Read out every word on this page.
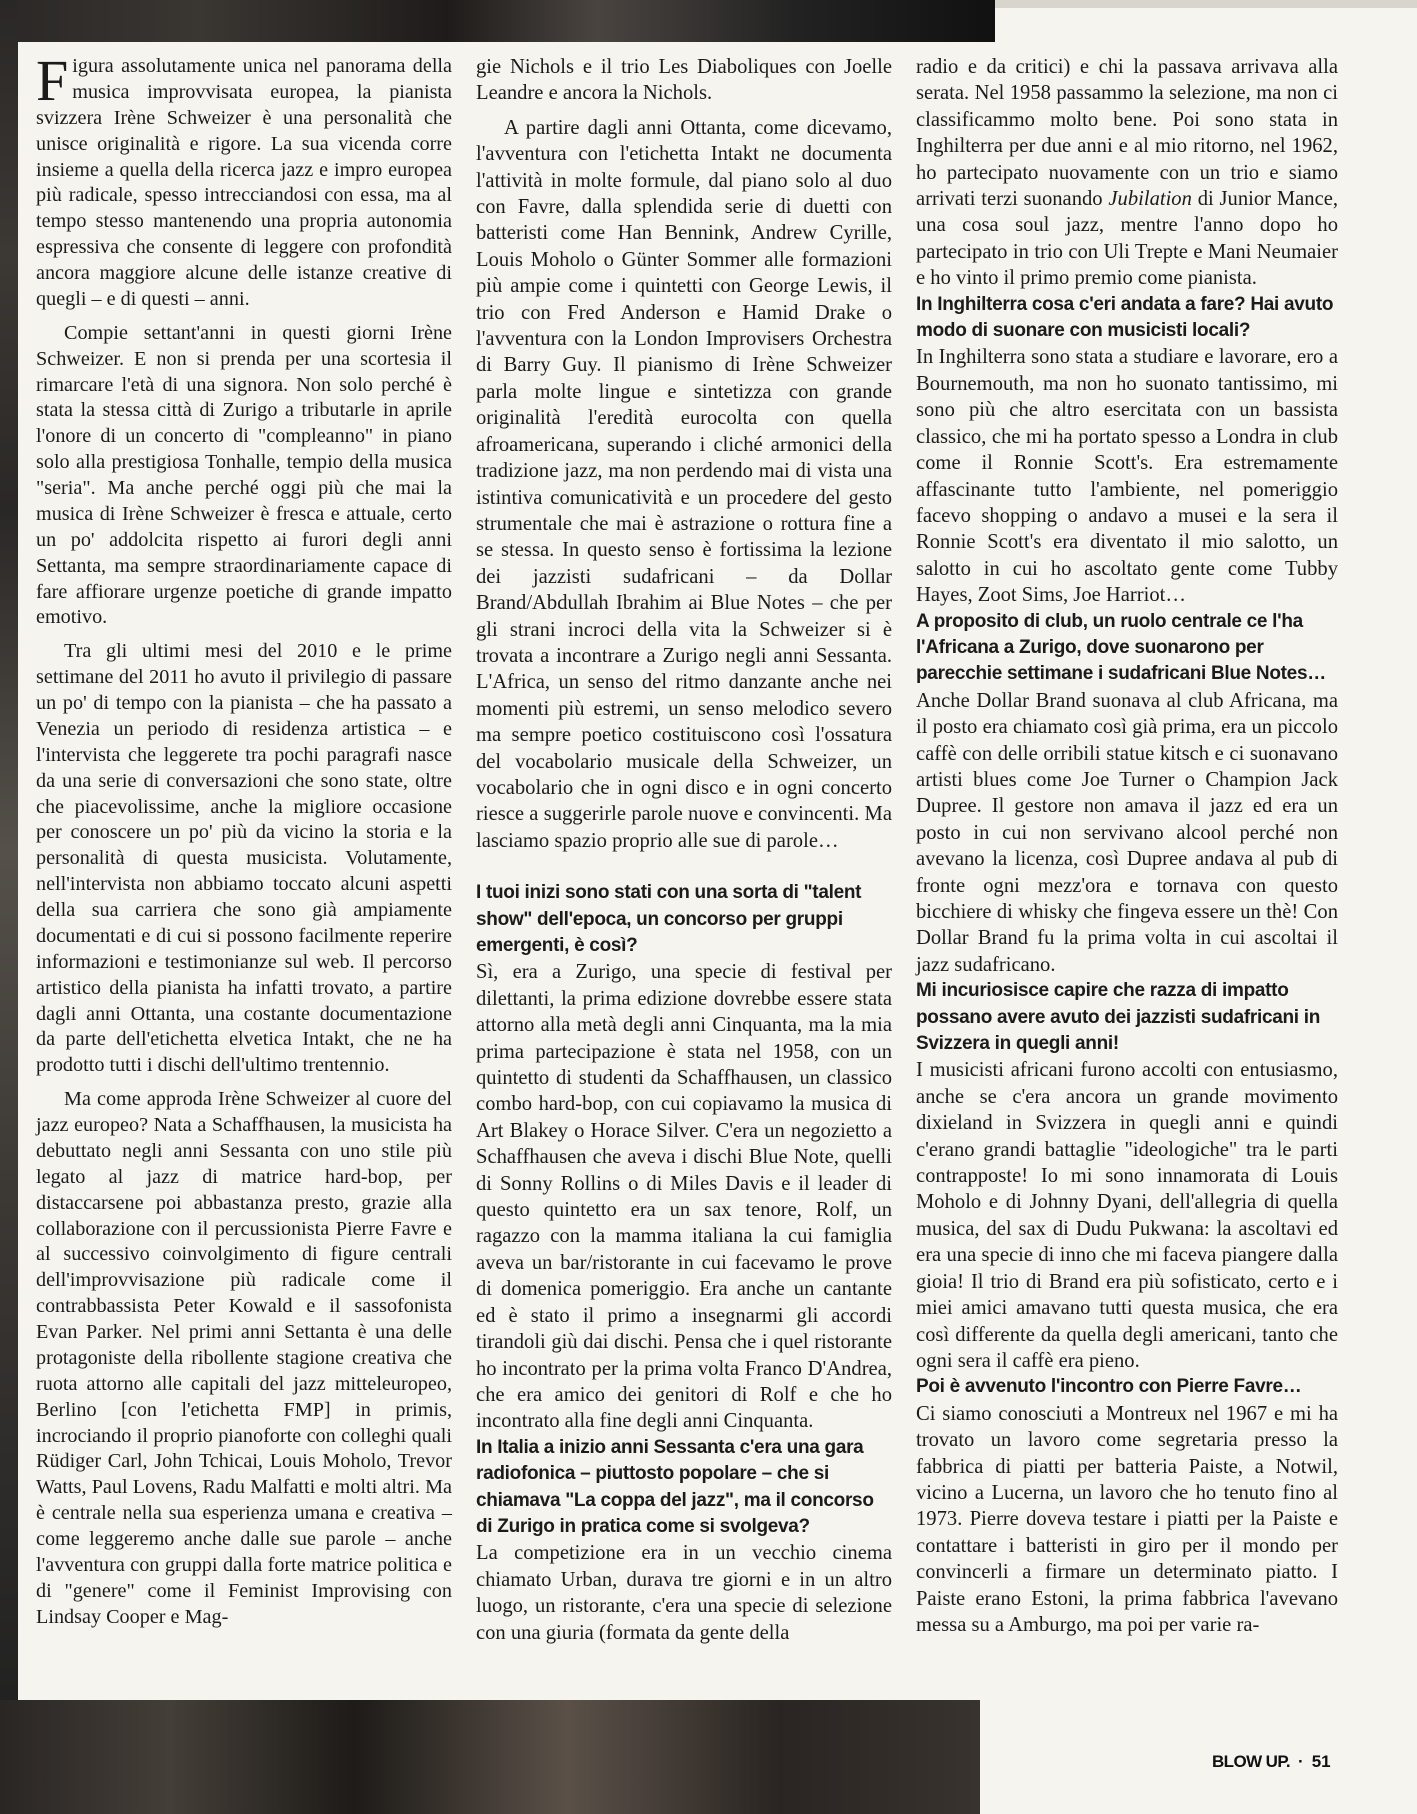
Figura assolutamente unica nel panorama della musica improvvisata europea, la pianista svizzera Irène Schweizer è una personalità che unisce originalità e rigore. La sua vicenda corre insieme a quella della ricerca jazz e impro europea più radicale, spesso intrecciandosi con essa, ma al tempo stesso mantenendo una propria autonomia espressiva che consente di leggere con profondità ancora maggiore alcune delle istanze creative di quegli – e di questi – anni.

Compie settant'anni in questi giorni Irène Schweizer. E non si prenda per una scortesia il rimarcare l'età di una signora. Non solo perché è stata la stessa città di Zurigo a tributarle in aprile l'onore di un concerto di "compleanno" in piano solo alla prestigiosa Tonhalle, tempio della musica "seria". Ma anche perché oggi più che mai la musica di Irène Schweizer è fresca e attuale, certo un po' addolcita rispetto ai furori degli anni Settanta, ma sempre straordinariamente capace di fare affiorare urgenze poetiche di grande impatto emotivo.

Tra gli ultimi mesi del 2010 e le prime settimane del 2011 ho avuto il privilegio di passare un po' di tempo con la pianista – che ha passato a Venezia un periodo di residenza artistica – e l'intervista che leggerete tra pochi paragrafi nasce da una serie di conversazioni che sono state, oltre che piacevolissime, anche la migliore occasione per conoscere un po' più da vicino la storia e la personalità di questa musicista. Volutamente, nell'intervista non abbiamo toccato alcuni aspetti della sua carriera che sono già ampiamente documentati e di cui si possono facilmente reperire informazioni e testimonianze sul web. Il percorso artistico della pianista ha infatti trovato, a partire dagli anni Ottanta, una costante documentazione da parte dell'etichetta elvetica Intakt, che ne ha prodotto tutti i dischi dell'ultimo trentennio.

Ma come approda Irène Schweizer al cuore del jazz europeo? Nata a Schaffhausen, la musicista ha debuttato negli anni Sessanta con uno stile più legato al jazz di matrice hard-bop, per distaccarsene poi abbastanza presto, grazie alla collaborazione con il percussionista Pierre Favre e al successivo coinvolgimento di figure centrali dell'improvvisazione più radicale come il contrabbassista Peter Kowald e il sassofonista Evan Parker. Nel primi anni Settanta è una delle protagoniste della ribollente stagione creativa che ruota attorno alle capitali del jazz mitteleuropeo, Berlino [con l'etichetta FMP] in primis, incrociando il proprio pianoforte con colleghi quali Rüdiger Carl, John Tchicai, Louis Moholo, Trevor Watts, Paul Lovens, Radu Malfatti e molti altri. Ma è centrale nella sua esperienza umana e creativa – come leggeremo anche dalle sue parole – anche l'avventura con gruppi dalla forte matrice politica e di "genere" come il Feminist Improvising con Lindsay Cooper e Mag-

gie Nichols e il trio Les Diaboliques con Joelle Leandre e ancora la Nichols.

A partire dagli anni Ottanta, come dicevamo, l'avventura con l'etichetta Intakt ne documenta l'attività in molte formule, dal piano solo al duo con Favre, dalla splendida serie di duetti con batteristi come Han Bennink, Andrew Cyrille, Louis Moholo o Günter Sommer alle formazioni più ampie come i quintetti con George Lewis, il trio con Fred Anderson e Hamid Drake o l'avventura con la London Improvisers Orchestra di Barry Guy. Il pianismo di Irène Schweizer parla molte lingue e sintetizza con grande originalità l'eredità eurocolta con quella afroamericana, superando i cliché armonici della tradizione jazz, ma non perdendo mai di vista una istintiva comunicatività e un procedere del gesto strumentale che mai è astrazione o rottura fine a se stessa. In questo senso è fortissima la lezione dei jazzisti sudafricani – da Dollar Brand/Abdullah Ibrahim ai Blue Notes – che per gli strani incroci della vita la Schweizer si è trovata a incontrare a Zurigo negli anni Sessanta. L'Africa, un senso del ritmo danzante anche nei momenti più estremi, un senso melodico severo ma sempre poetico costituiscono così l'ossatura del vocabolario musicale della Schweizer, un vocabolario che in ogni disco e in ogni concerto riesce a suggerirle parole nuove e convincenti. Ma lasciamo spazio proprio alle sue di parole…

I tuoi inizi sono stati con una sorta di "talent show" dell'epoca, un concorso per gruppi emergenti, è così?

Sì, era a Zurigo, una specie di festival per dilettanti, la prima edizione dovrebbe essere stata attorno alla metà degli anni Cinquanta, ma la mia prima partecipazione è stata nel 1958, con un quintetto di studenti da Schaffhausen, un classico combo hard-bop, con cui copiavamo la musica di Art Blakey o Horace Silver. C'era un negozietto a Schaffhausen che aveva i dischi Blue Note, quelli di Sonny Rollins o di Miles Davis e il leader di questo quintetto era un sax tenore, Rolf, un ragazzo con la mamma italiana la cui famiglia aveva un bar/ristorante in cui facevamo le prove di domenica pomeriggio. Era anche un cantante ed è stato il primo a insegnarmi gli accordi tirandoli giù dai dischi. Pensa che i quel ristorante ho incontrato per la prima volta Franco D'Andrea, che era amico dei genitori di Rolf e che ho incontrato alla fine degli anni Cinquanta.

In Italia a inizio anni Sessanta c'era una gara radiofonica – piuttosto popolare – che si chiamava "La coppa del jazz", ma il concorso di Zurigo in pratica come si svolgeva?

La competizione era in un vecchio cinema chiamato Urban, durava tre giorni e in un altro luogo, un ristorante, c'era una specie di selezione con una giuria (formata da gente della

radio e da critici) e chi la passava arrivava alla serata. Nel 1958 passammo la selezione, ma non ci classificammo molto bene. Poi sono stata in Inghilterra per due anni e al mio ritorno, nel 1962, ho partecipato nuovamente con un trio e siamo arrivati terzi suonando Jubilation di Junior Mance, una cosa soul jazz, mentre l'anno dopo ho partecipato in trio con Uli Trepte e Mani Neumaier e ho vinto il primo premio come pianista.

In Inghilterra cosa c'eri andata a fare? Hai avuto modo di suonare con musicisti locali?

In Inghilterra sono stata a studiare e lavorare, ero a Bournemouth, ma non ho suonato tantissimo, mi sono più che altro esercitata con un bassista classico, che mi ha portato spesso a Londra in club come il Ronnie Scott's. Era estremamente affascinante tutto l'ambiente, nel pomeriggio facevo shopping o andavo a musei e la sera il Ronnie Scott's era diventato il mio salotto, un salotto in cui ho ascoltato gente come Tubby Hayes, Zoot Sims, Joe Harriot…

A proposito di club, un ruolo centrale ce l'ha l'Africana a Zurigo, dove suonarono per parecchie settimane i sudafricani Blue Notes…

Anche Dollar Brand suonava al club Africana, ma il posto era chiamato così già prima, era un piccolo caffè con delle orribili statue kitsch e ci suonavano artisti blues come Joe Turner o Champion Jack Dupree. Il gestore non amava il jazz ed era un posto in cui non servivano alcool perché non avevano la licenza, così Dupree andava al pub di fronte ogni mezz'ora e tornava con questo bicchiere di whisky che fingeva essere un thè! Con Dollar Brand fu la prima volta in cui ascoltai il jazz sudafricano.

Mi incuriosisce capire che razza di impatto possano avere avuto dei jazzisti sudafricani in Svizzera in quegli anni!

I musicisti africani furono accolti con entusiasmo, anche se c'era ancora un grande movimento dixieland in Svizzera in quegli anni e quindi c'erano grandi battaglie "ideologiche" tra le parti contrapposte! Io mi sono innamorata di Louis Moholo e di Johnny Dyani, dell'allegria di quella musica, del sax di Dudu Pukwana: la ascoltavi ed era una specie di inno che mi faceva piangere dalla gioia! Il trio di Brand era più sofisticato, certo e i miei amici amavano tutti questa musica, che era così differente da quella degli americani, tanto che ogni sera il caffè era pieno.

Poi è avvenuto l'incontro con Pierre Favre…

Ci siamo conosciuti a Montreux nel 1967 e mi ha trovato un lavoro come segretaria presso la fabbrica di piatti per batteria Paiste, a Notwil, vicino a Lucerna, un lavoro che ho tenuto fino al 1973. Pierre doveva testare i piatti per la Paiste e contattare i batteristi in giro per il mondo per convincerli a firmare un determinato piatto. I Paiste erano Estoni, la prima fabbrica l'avevano messa su a Amburgo, ma poi per varie ra-

BLOW UP. · 51
